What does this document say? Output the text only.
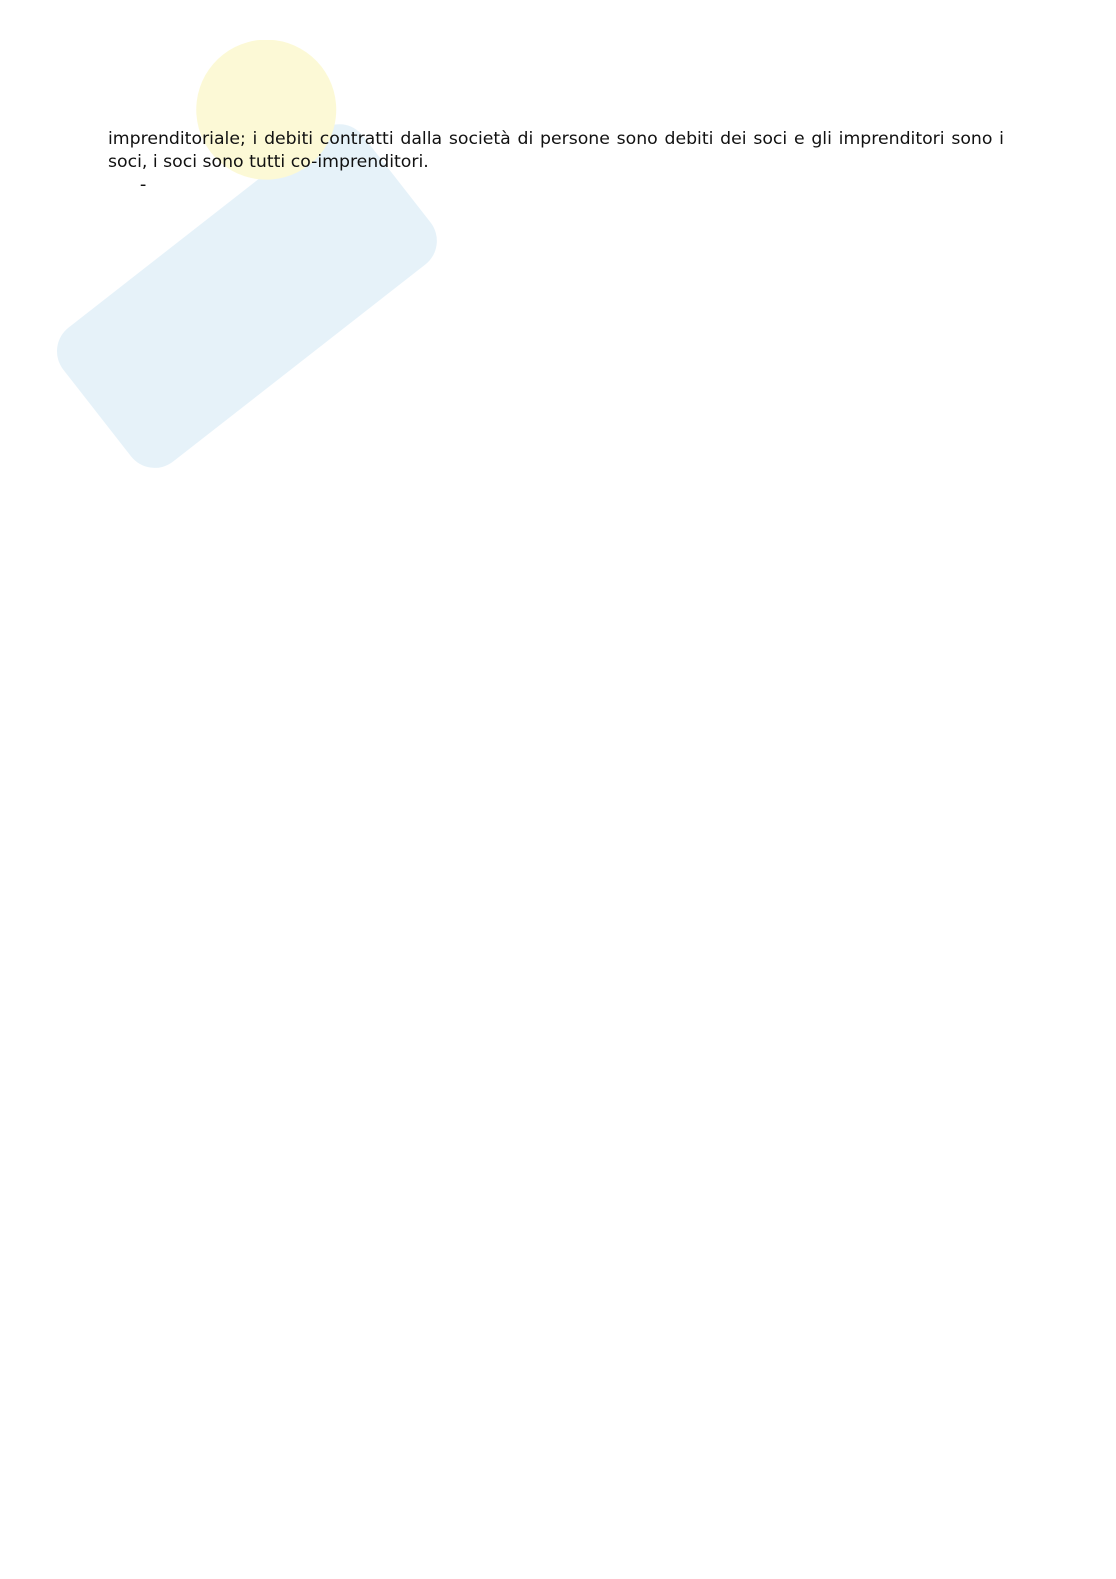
imprenditoriale; i debiti contratti dalla società di persone sono debiti dei soci e gli imprenditori sono i soci, i soci sono tutti co-imprenditori.
